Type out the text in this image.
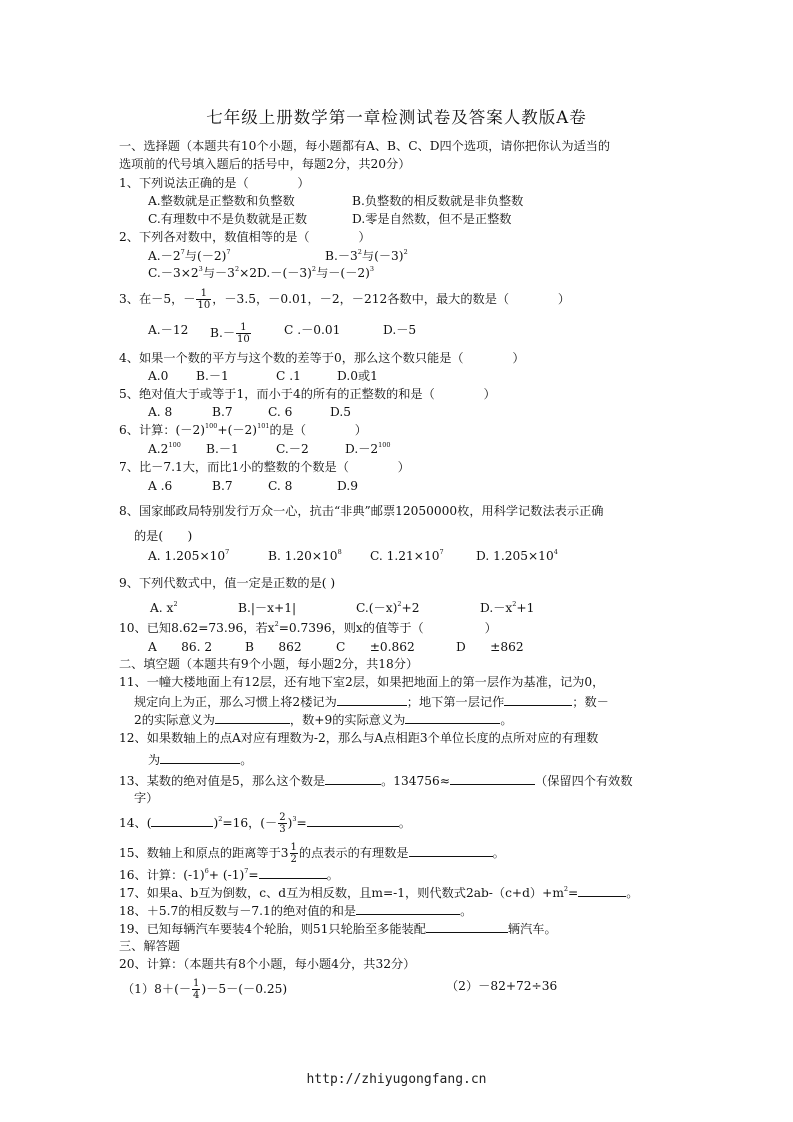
七年级上册数学第一章检测试卷及答案人教版A卷
一、选择题（本题共有10个小题，每小题都有A、B、C、D四个选项，请你把你认为适当的
选项前的代号填入题后的括号中，每题2分，共20分）
1、下列说法正确的是（　　　　）
A.整数就是正整数和负整数	B.负整数的相反数就是非负整数
C.有理数中不是负数就是正数	D.零是自然数，但不是正整数
2、下列各对数中，数值相等的是（　　　　）
$A.-2^7$与$(-2)^7$	$B.-3^2$与$(-3)^2$
$C.-3\times 2^3$与$-3^2\times 2D.-(-3)^2$与$-(-2)^3$
3、在－5，－ $\frac{1}{10}$ ，－3.5，－0.01，－2，－212各数中，最大的数是（　　　　）
A.－12 $B.- \frac{1}{10}$	C .－0.01	D.－5
4、如果一个数的平方与这个数的差等于0，那么这个数只能是（　　　　）
A.0 B.－1	C .1	D.0或1
5、绝对值大于或等于1，而小于4的所有的正整数的和是（　　　　）
A. 8	B.7	C. 6	D.5
6、计算：$(-2)^{100}+(-2)^{101}$的是（　　　　）
$A.2^{100}$ B.－1	C.－2	$D.-2^{100}$
7、比－7.1大，而比1小的整数的个数是（　　　　）
A .6	B.7	C. 8	D.9
8、国家邮政局特别发行万众一心，抗击“非典”邮票12050000枚，用科学记数法表示正确
的是(　　)
A. $1.205\times 10^7$	B. $1.20\times 10^8$ C. $1.21\times 10^7$	D. $1.205\times 10^4$
9、下列代数式中，值一定是正数的是( )
A. $x^2$	B.|－x+1|	$C.(-x)^2+2$	$D.-x^2+1$
10、已知8.62=73.96，若$x^2=0.7396$，则x的值等于（　　　　　）
A　　86. 2	B　　862	C　　±0.862	D　　±862
二、填空题（本题共有9个小题，每小题2分，共18分）
11、一幢大楼地面上有12层，还有地下室2层，如果把地面上的第一层作为基准，记为0，
规定向上为正，那么习惯上将2楼记为	；地下第一层记作	；数－
2的实际意义为	，数+9的实际意义为	。
12、如果数轴上的点A对应有理数为-2，那么与A点相距3个单位长度的点所对应的有理数
为	。
13、某数的绝对值是5，那么这个数是	。134756≈	（保留四个有效数
字）
14、(	)$^2$=16，(－ $\frac{2}{3} )^3=$	。
15、数轴上和原点的距离等于$3 \frac{1}{2}$ 的点表示的有理数是	。
16、计算：$(-1)^6+ (-1)^7=$	。
17、如果a、b互为倒数，c、d互为相反数，且m=-1，则代数式$2ab-(c+d)+m^2=$	。
18、＋5.7的相反数与－7.1的绝对值的和是	。
19、已知每辆汽车要装4个轮胎，则51只轮胎至多能装配	辆汽车。
三、解答题
20、计算：（本题共有8个小题，每小题4分，共32分）
$(1)8+(- \frac{1}{4} )-5-(-0.25)$	（2）－82+72÷36
http://zhiyugongfang.cn
